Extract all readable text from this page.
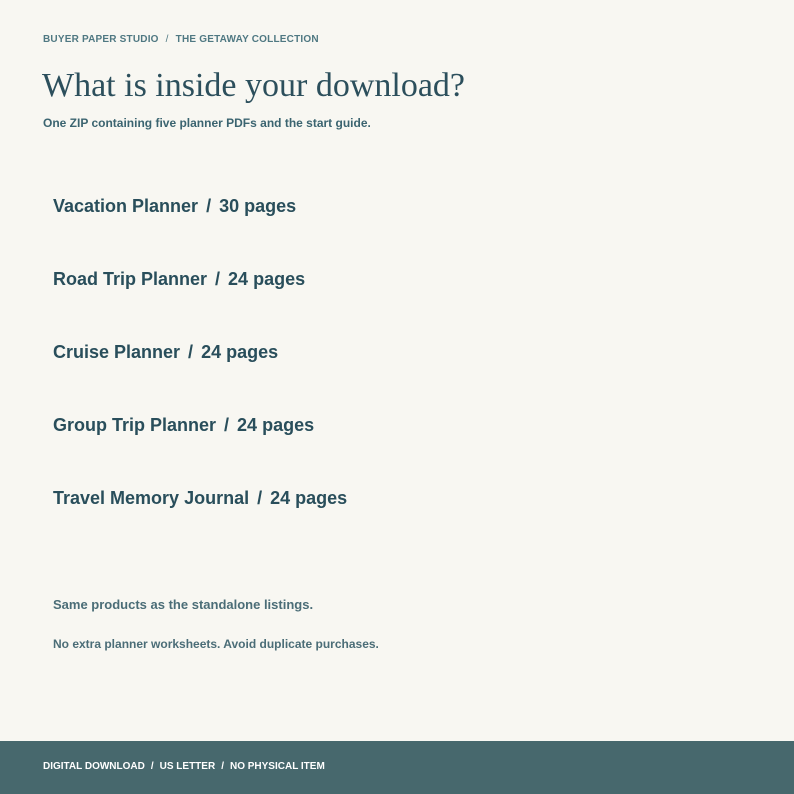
BUYER PAPER STUDIO / THE GETAWAY COLLECTION
What is inside your download?
One ZIP containing five planner PDFs and the start guide.
Vacation Planner / 30 pages
Road Trip Planner / 24 pages
Cruise Planner / 24 pages
Group Trip Planner / 24 pages
Travel Memory Journal / 24 pages
Same products as the standalone listings.
No extra planner worksheets. Avoid duplicate purchases.
DIGITAL DOWNLOAD / US LETTER / NO PHYSICAL ITEM
